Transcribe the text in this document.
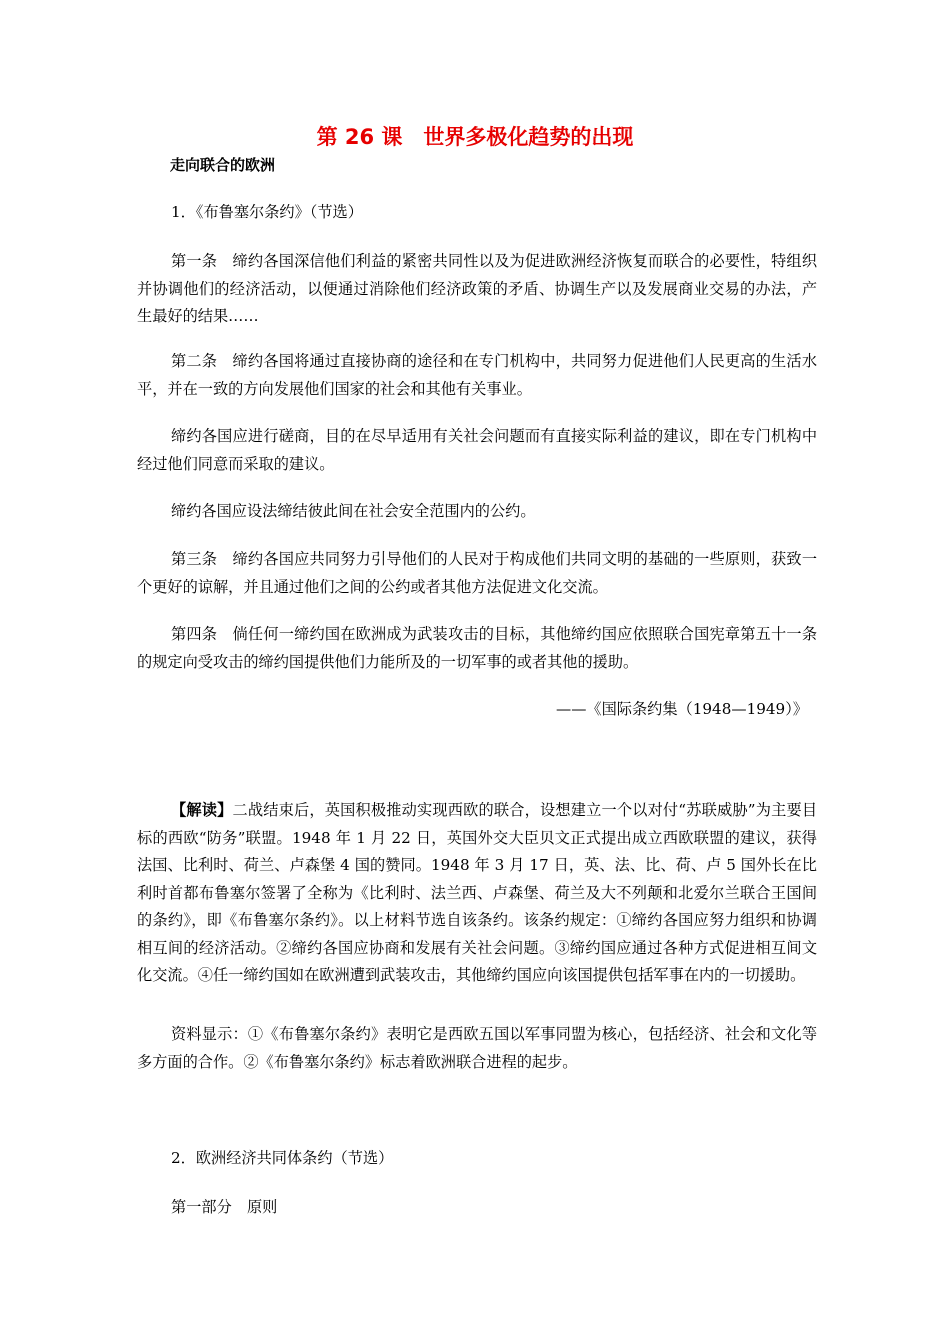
第 26 课　世界多极化趋势的出现
走向联合的欧洲

1．《布鲁塞尔条约》（节选）

第一条　缔约各国深信他们利益的紧密共同性以及为促进欧洲经济恢复而联合的必要性，特组织并协调他们的经济活动，以便通过消除他们经济政策的矛盾、协调生产以及发展商业交易的办法，产生最好的结果……

第二条　缔约各国将通过直接协商的途径和在专门机构中，共同努力促进他们人民更高的生活水平，并在一致的方向发展他们国家的社会和其他有关事业。

缔约各国应进行磋商，目的在尽早适用有关社会问题而有直接实际利益的建议，即在专门机构中经过他们同意而采取的建议。

缔约各国应设法缔结彼此间在社会安全范围内的公约。

第三条　缔约各国应共同努力引导他们的人民对于构成他们共同文明的基础的一些原则，获致一个更好的谅解，并且通过他们之间的公约或者其他方法促进文化交流。

第四条　倘任何一缔约国在欧洲成为武装攻击的目标，其他缔约国应依照联合国宪章第五十一条的规定向受攻击的缔约国提供他们力能所及的一切军事的或者其他的援助。

——《国际条约集（1948—1949）》

【解读】二战结束后，英国积极推动实现西欧的联合，设想建立一个以对付“苏联威胁”为主要目标的西欧“防务”联盟。1948 年 1 月 22 日，英国外交大臣贝文正式提出成立西欧联盟的建议，获得法国、比利时、荷兰、卢森堡 4 国的赞同。1948 年 3 月 17 日，英、法、比、荷、卢 5 国外长在比利时首都布鲁塞尔签署了全称为《比利时、法兰西、卢森堡、荷兰及大不列颠和北爱尔兰联合王国间的条约》，即《布鲁塞尔条约》。以上材料节选自该条约。该条约规定：①缔约各国应努力组织和协调相互间的经济活动。②缔约各国应协商和发展有关社会问题。③缔约国应通过各种方式促进相互间文化交流。④任一缔约国如在欧洲遭到武装攻击，其他缔约国应向该国提供包括军事在内的一切援助。

资料显示：①《布鲁塞尔条约》表明它是西欧五国以军事同盟为核心，包括经济、社会和文化等多方面的合作。②《布鲁塞尔条约》标志着欧洲联合进程的起步。

2．欧洲经济共同体条约（节选）

第一部分　原则
